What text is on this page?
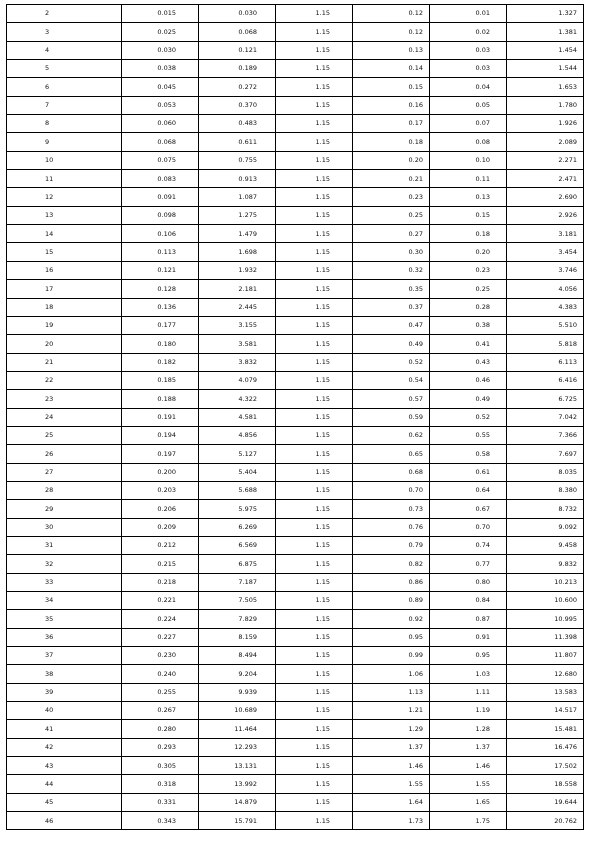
2	0.015	0.030	1.15	0.12	0.01	1.327
3	0.025	0.068	1.15	0.12	0.02	1.381
4	0.030	0.121	1.15	0.13	0.03	1.454
5	0.038	0.189	1.15	0.14	0.03	1.544
6	0.045	0.272	1.15	0.15	0.04	1.653
7	0.053	0.370	1.15	0.16	0.05	1.780
8	0.060	0.483	1.15	0.17	0.07	1.926
9	0.068	0.611	1.15	0.18	0.08	2.089
10	0.075	0.755	1.15	0.20	0.10	2.271
11	0.083	0.913	1.15	0.21	0.11	2.471
12	0.091	1.087	1.15	0.23	0.13	2.690
13	0.098	1.275	1.15	0.25	0.15	2.926
14	0.106	1.479	1.15	0.27	0.18	3.181
15	0.113	1.698	1.15	0.30	0.20	3.454
16	0.121	1.932	1.15	0.32	0.23	3.746
17	0.128	2.181	1.15	0.35	0.25	4.056
18	0.136	2.445	1.15	0.37	0.28	4.383
19	0.177	3.155	1.15	0.47	0.38	5.510
20	0.180	3.581	1.15	0.49	0.41	5.818
21	0.182	3.832	1.15	0.52	0.43	6.113
22	0.185	4.079	1.15	0.54	0.46	6.416
23	0.188	4.322	1.15	0.57	0.49	6.725
24	0.191	4.581	1.15	0.59	0.52	7.042
25	0.194	4.856	1.15	0.62	0.55	7.366
26	0.197	5.127	1.15	0.65	0.58	7.697
27	0.200	5.404	1.15	0.68	0.61	8.035
28	0.203	5.688	1.15	0.70	0.64	8.380
29	0.206	5.975	1.15	0.73	0.67	8.732
30	0.209	6.269	1.15	0.76	0.70	9.092
31	0.212	6.569	1.15	0.79	0.74	9.458
32	0.215	6.875	1.15	0.82	0.77	9.832
33	0.218	7.187	1.15	0.86	0.80	10.213
34	0.221	7.505	1.15	0.89	0.84	10.600
35	0.224	7.829	1.15	0.92	0.87	10.995
36	0.227	8.159	1.15	0.95	0.91	11.398
37	0.230	8.494	1.15	0.99	0.95	11.807
38	0.240	9.204	1.15	1.06	1.03	12.680
39	0.255	9.939	1.15	1.13	1.11	13.583
40	0.267	10.689	1.15	1.21	1.19	14.517
41	0.280	11.464	1.15	1.29	1.28	15.481
42	0.293	12.293	1.15	1.37	1.37	16.476
43	0.305	13.131	1.15	1.46	1.46	17.502
44	0.318	13.992	1.15	1.55	1.55	18.558
45	0.331	14.879	1.15	1.64	1.65	19.644
46	0.343	15.791	1.15	1.73	1.75	20.762
